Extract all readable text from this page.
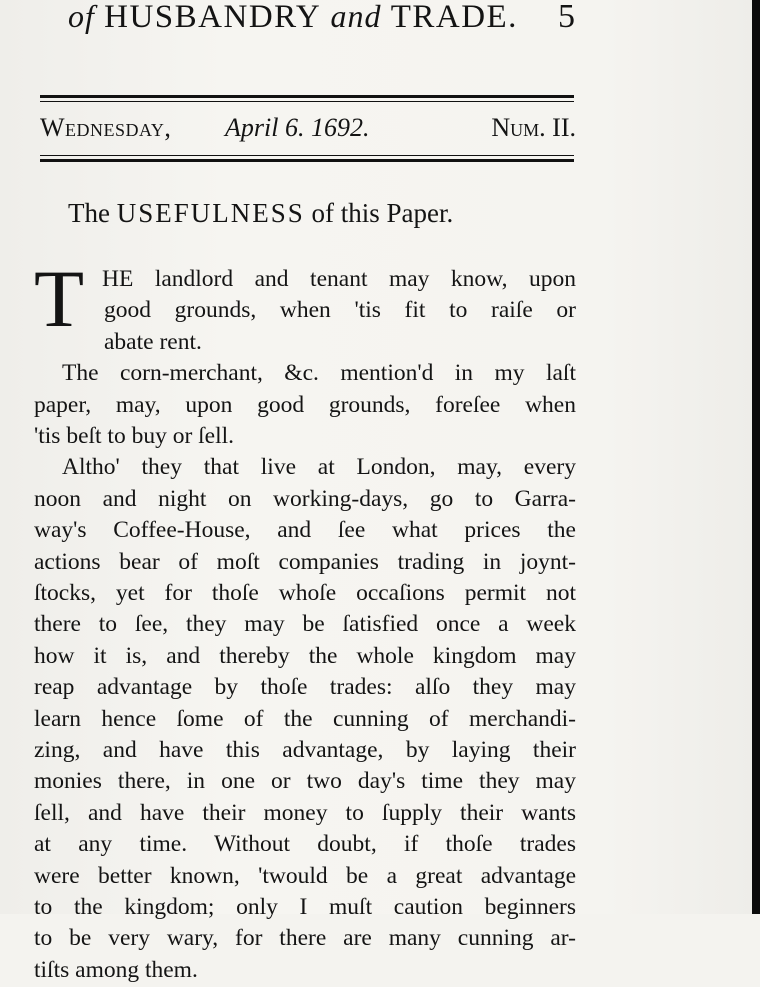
of HUSBANDRY and TRADE. 5
Wednesday, April 6. 1692.	Num. II.
The USEFULNESS of this Paper.
T HE landlord and tenant may know, upon
good grounds, when 'tis fit to raiſe or
abate rent.
The corn-merchant, &c. mention'd in my laſt
paper, may, upon good grounds, foreſee when
'tis beſt to buy or ſell.
Altho' they that live at London, may, every
noon and night on working-days, go to Garra-
way's Coffee-House, and ſee what prices the
actions bear of moſt companies trading in joynt-
ſtocks, yet for thoſe whoſe occaſions permit not
there to ſee, they may be ſatisfied once a week
how it is, and thereby the whole kingdom may
reap advantage by thoſe trades: alſo they may
learn hence ſome of the cunning of merchandi-
zing, and have this advantage, by laying their
monies there, in one or two day's time they may
ſell, and have their money to ſupply their wants
at any time. Without doubt, if thoſe trades
were better known, 'twould be a great advantage
to the kingdom; only I muſt caution beginners
to be very wary, for there are many cunning ar-
tiſts among them.
